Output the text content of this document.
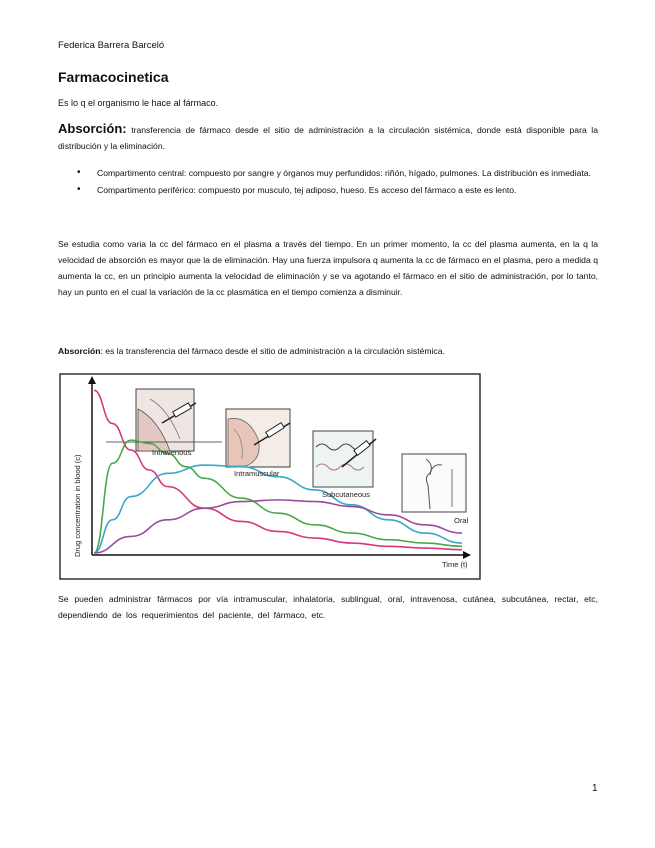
Federica Barrera Barceló
Farmacocinetica
Es lo q el organismo le hace al fármaco.
Absorción: transferencia de fármaco desde el sitio de administración a la circulación sistémica, donde está disponible para la distribución y la eliminación.
• Compartimento central: compuesto por sangre y órganos muy perfundidos: riñón, hígado, pulmones. La distribución es inmediata.
• Compartimento periférico: compuesto por musculo, tej adiposo, hueso. Es acceso del fármaco a este es lento.
Se estudia como varia la cc del fármaco en el plasma a través del tiempo. En un primer momento, la cc del plasma aumenta, en la q la velocidad de absorción es mayor que la de eliminación. Hay una fuerza impulsora q aumenta la cc de fármaco en el plasma, pero a medida q aumenta la cc, en un principio aumenta la velocidad de eliminación y se va agotando el fármaco en el sitio de administración, por lo tanto, hay un punto en el cual la variación de la cc plasmática en el tiempo comienza a disminuir.
Absorción: es la transferencia del fármaco desde el sitio de administración a la circulación sistémica.
Intravenous
Intramuscular
Subcutaneous
Oral
Time (t)
Drug concentration in blood (c)
Se pueden administrar fármacos por vía intramuscular, inhalatoria, sublingual, oral, intravenosa, cutánea, subcutánea, rectar, etc, dependiendo de los requerimientos del paciente, del fármaco, etc.
1
